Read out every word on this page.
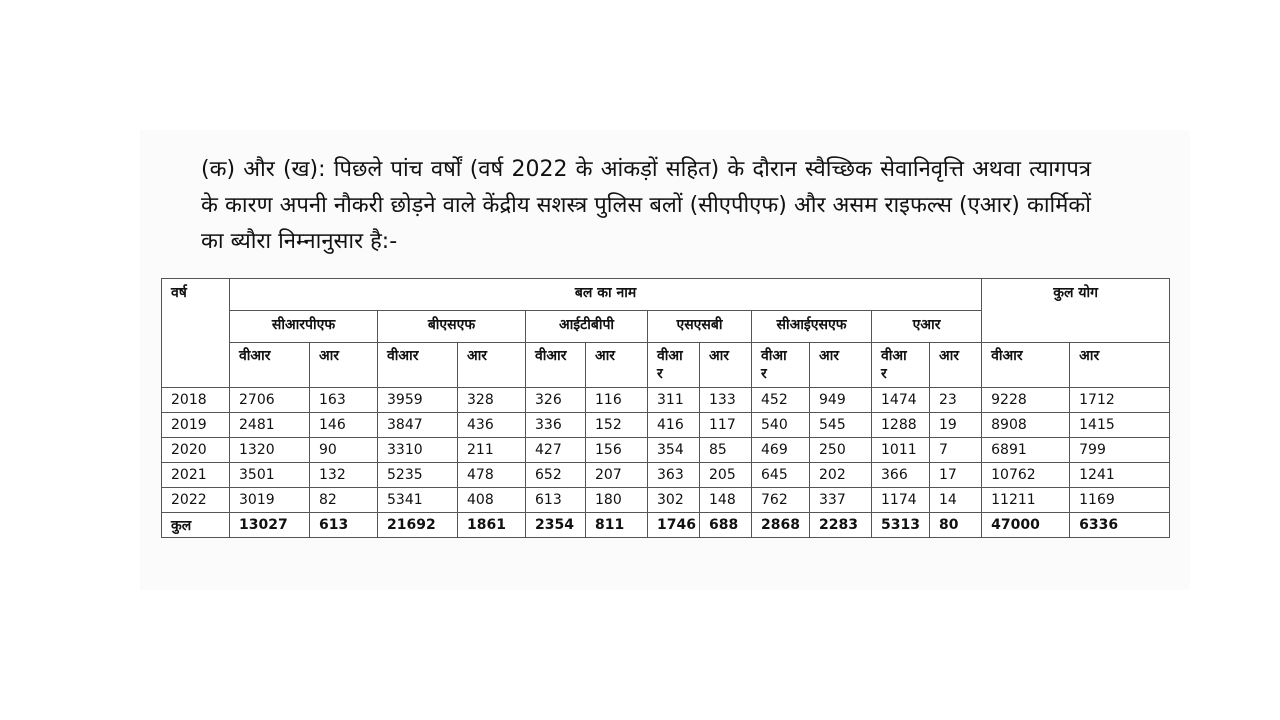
(क) और (ख): पिछले पांच वर्षों (वर्ष 2022 के आंकड़ों सहित) के दौरान स्वैच्छिक सेवानिवृत्ति अथवा त्यागपत्र के कारण अपनी नौकरी छोड़ने वाले केंद्रीय सशस्त्र पुलिस बलों (सीएपीएफ) और असम राइफल्स (एआर) कार्मिकों का ब्यौरा निम्नानुसार है:-

वर्ष	बल का नाम												कुल योग	
	सीआरपीएफ		बीएसएफ		आईटीबीपी		एसएसबी		सीआईएसएफ		एआर			
	वीआर	आर	वीआर	आर	वीआर	आर	वीआर	आर	वीआर	आर	वीआर	आर	वीआर	आर
2018	2706	163	3959	328	326	116	311	133	452	949	1474	23	9228	1712
2019	2481	146	3847	436	336	152	416	117	540	545	1288	19	8908	1415
2020	1320	90	3310	211	427	156	354	85	469	250	1011	7	6891	799
2021	3501	132	5235	478	652	207	363	205	645	202	366	17	10762	1241
2022	3019	82	5341	408	613	180	302	148	762	337	1174	14	11211	1169
कुल	13027	613	21692	1861	2354	811	1746	688	2868	2283	5313	80	47000	6336
